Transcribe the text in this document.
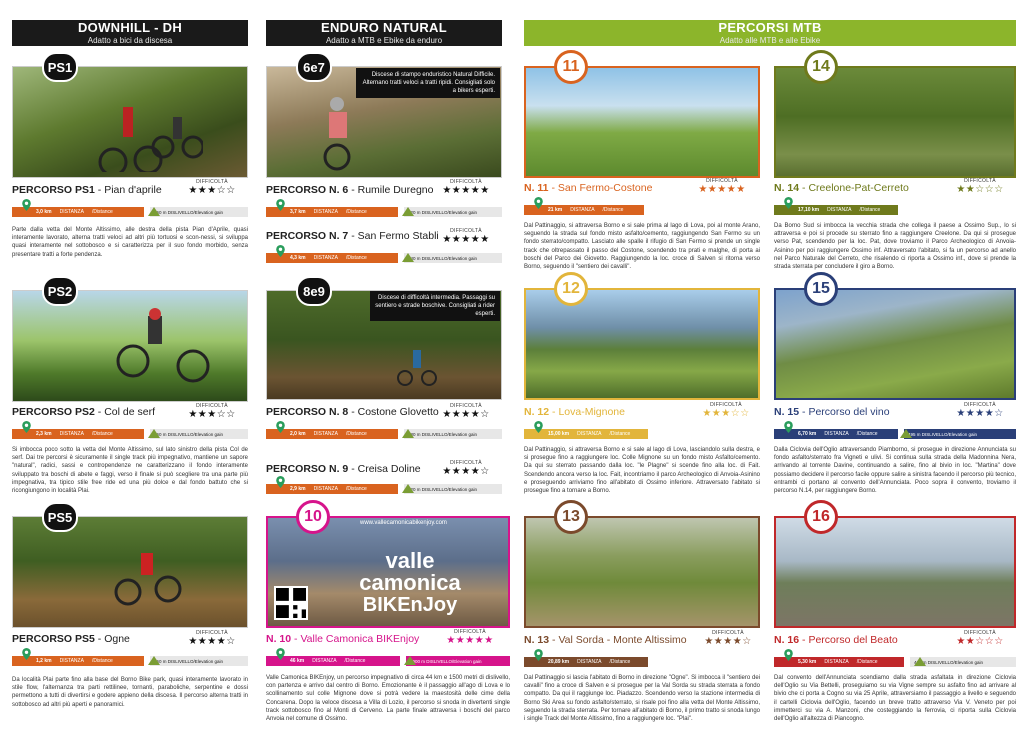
DOWNHILL - DH
Adatto a bici da discesa
ENDURO NATURAL
Adatto a MTB e Ebike da enduro
PERCORSI MTB
Adatto alle MTB e alle Ebike
PS1
PERCORSO PS1 - Pian d'aprile
DIFFICOLTÀ
★★★☆☆
3,0 km DISTANZA /Distance	360 m DISLIVELLO/Elevation gain
Parte dalla vetta del Monte Altissimo, alle destra della pista Pian d'Aprile, quasi interamente lavorato, alterna tratti veloci ad altri più tortuosi e scon-nessi, si sviluppa quasi interamente nel sottobosco e si caratterizza per il suo fondo morbido, senza presentare tratti a forte pendenza.
PS2
PERCORSO PS2 - Col de serf	DIFFICOLTÀ
★★★☆☆
2,3 km DISTANZA /Distance	360 m DISLIVELLO/Elevation gain
Si imbocca poco sotto la vetta del Monte Altissimo, sul lato sinistro della pista Col de serf. Dai tre percorsi è sicuramente il single track più impegnativo, mantiene un sapore "natural", radici, sassi e contropendenze ne caratterizzano il fondo interamente sviluppato tra boschi di abete e faggi, verso il finale si può scegliere tra una parte più impegnativa, tra tipico stile free ride ed una più dolce e dal fondo battuto che si ricongiungono in località Plai.
PS5
PERCORSO PS5 - Ogne	DIFFICOLTÀ
★★★★☆
1,2 km DISTANZA /Distance	360 m DISLIVELLO/Elevation gain
Da località Plai parte fino alla base del Borno Bike park, quasi interamente lavorato in stile flow, l'alternanza tra parti rettilinee, tornanti, paraboliche, serpentine e dossi permettono a tutti di divertirsi e godere appieno della discesa. Il percorso alterna tratti in sottobosco ad altri più aperti e panoramici.
Discese di stampo enduristico Natural Difficile. Alternano tratti veloci a tratti ripidi. Consigliati solo a bikers esperti.
6e7
PERCORSO N. 6 - Rumile Duregno
DIFFICOLTÀ
★★★★★
3,7 km DISTANZA /Distance	420 m DISLIVELLO/Elevation gain
PERCORSO N. 7 - San Fermo Stabli	DIFFICOLTÀ
★★★★★
4,3 km DISTANZA /Distance	740 m DISLIVELLO/Elevation gain
Discese di difficoltà intermedia. Passaggi su sentiero e strade boschive. Consigliati a rider esperti.
8e9
PERCORSO N. 8 - Costone Glovetto	DIFFICOLTÀ
★★★★☆
2,0 km DISTANZA /Distance	380 m DISLIVELLO/Elevation gain
PERCORSO N. 9 - Creisa Doline	DIFFICOLTÀ
★★★★☆
2,9 km DISTANZA /Distance	420 m DISLIVELLO/Elevation gain
www.vallecamonicabikenjoy.com
valle
camonica
BIKEnJoy
10
N. 10 - Valle Camonica BIKEnjoy
DIFFICOLTÀ
★★★★★
46 km DISTANZA /Distance	1900 m DISLIVELLO/Elevation gain
Valle Camonica BIKEnjoy, un percorso impegnativo di circa 44 km e 1500 metri di dislivello, con partenza e arrivo dal centro di Borno. Emozionante è il passaggio all'ago di Lova e lo scollinamento sul colle Mignone dove si potrà vedere la maestosità delle cime della Concarena. Dopo la veloce discesa a Villa di Lozio, il percorso si snoda in divertenti single track sottobosco fino al Monti di Cerveno. La parte finale attraversa i boschi del parco Anvoia nel comune di Ossimo.
11
N. 11 - San Fermo-Costone
DIFFICOLTÀ
★★★★★
21 km DISTANZA /Distance
Dal Pattinaggio, si attraversa Borno e si sale prima al lago di Lova, poi al monte Arano, seguendo la strada sul fondo misto asfalto/cemento, raggiungendo San Fermo su un fondo sterrato/compatto. Lasciato alle spalle il rifugio di San Fermo si prende un single track che oltrepassato il passo del Costone, scendendo tra prati e malghe, di porta ai boschi del Parco dei Giovetto. Raggiungendo la loc. croce di Salven si ritorna verso Borno, seguendo il "sentiero dei cavalli".
12
N. 12 - Lova-Mignone
DIFFICOLTÀ
★★★☆☆
15,00 km DISTANZA /Distance
Dal Pattinaggio, si attraversa Borno e si sale al lago di Lova, lasciandolo sulla destra, e si prosegue fino a raggiungere loc. Colle Mignone su un fondo misto Asfalto/cemento. Da qui su sterrato passando dalla loc. "le Plagne" si scende fino alla loc. di Fait. Scendendo ancora verso la loc. Fait, incontriamo il parco Archeologico di Anvoia-Asinino e proseguendo arriviamo fino all'abitato di Ossimo inferiore. Attraversato l'abitato si prosegue fino a tornare a Borno.
13
N. 13 - Val Sorda - Monte Altissimo
DIFFICOLTÀ
★★★★☆
20,89 km DISTANZA /Distance
Dal Pattinaggio si lascia l'abitato di Borno in direzione "Ogne". Si imbocca il "sentiero dei cavalli" fino a croce di Salven e si prosegue per la Val Sorda su strada sterrata a fondo compatto. Da qui il raggiunge loc. Piadazzo. Scendendo verso la stazione intermedia di Borno Ski Area su fondo asfalto/sterrato, si risale poi fino alla vetta del Monte Altissimo, seguendo la strada sterrata. Per tornare all'abitato di Borno, il primo tratto si snoda lungo i single Track del Monte Altissimo, fino a raggiungere loc. "Plai".
14
N. 14 - Creelone-Pat-Cerreto
DIFFICOLTÀ
★★☆☆☆
17,10 km DISTANZA /Distance
Da Borno Sud si imbocca la vecchia strada che collega il paese a Ossimo Sup., lo si attraversa e poi si procede su sterrato fino a raggiungere Creelone. Da qui si prosegue verso Pat, scendendo per la loc. Pat, dove troviamo il Parco Archeologico di Anvoia-Asinino per poi raggiungere Ossimo inf. Attraversato l'abitato, si fa un percorso ad anello nel Parco Naturale del Cerreto, che risalendo ci riporta a Ossimo inf., dove si prende la strada sterrata per concludere il giro a Borno.
15
N. 15 - Percorso del vino
DIFFICOLTÀ
★★★★☆
6,70 km DISTANZA /Distance	495 m DISLIVELLO/Elevation gain
Dalla Ciclovia dell'Oglio attraversando Piamborno, si prosegue in direzione Annunciata su fondo asfalto/sterrato fra Vigneti e ulivi. Si continua sulla strada della Madonnina Nera, arrivando al torrente Davine, continuando a salire, fino al bivio in loc. "Martina" dove possiamo decidere il percorso facile oppure salire a sinistra facendo il percorso più tecnico, entrambi ci portano al convento dell'Annunciata. Poco sopra il convento, troviamo il percorso N.14, per raggiungere Borno.
16
N. 16 - Percorso del Beato
DIFFICOLTÀ
★★☆☆☆
5,30 km DISTANZA /Distance	460 m DISLIVELLO/Elevation gain
Dal convento dell'Annunciata scendiamo dalla strada asfaltata in direzione Ciclovia dell'Oglio su Via Bettelli, proseguiamo su via Vigne sempre su asfalto fino ad arrivare al bivio che ci porta a Cogno su via 25 Aprile, attraversiamo il passaggio a livello e seguendo il cartelli Ciclovia dell'Oglio, facendo un breve tratto attraverso Via V. Veneto per poi immetterci su via A. Manzoni, che costeggiando la ferrovia, ci riporta sulla Ciclovia dell'Oglio all'altezza di Piancogno.
